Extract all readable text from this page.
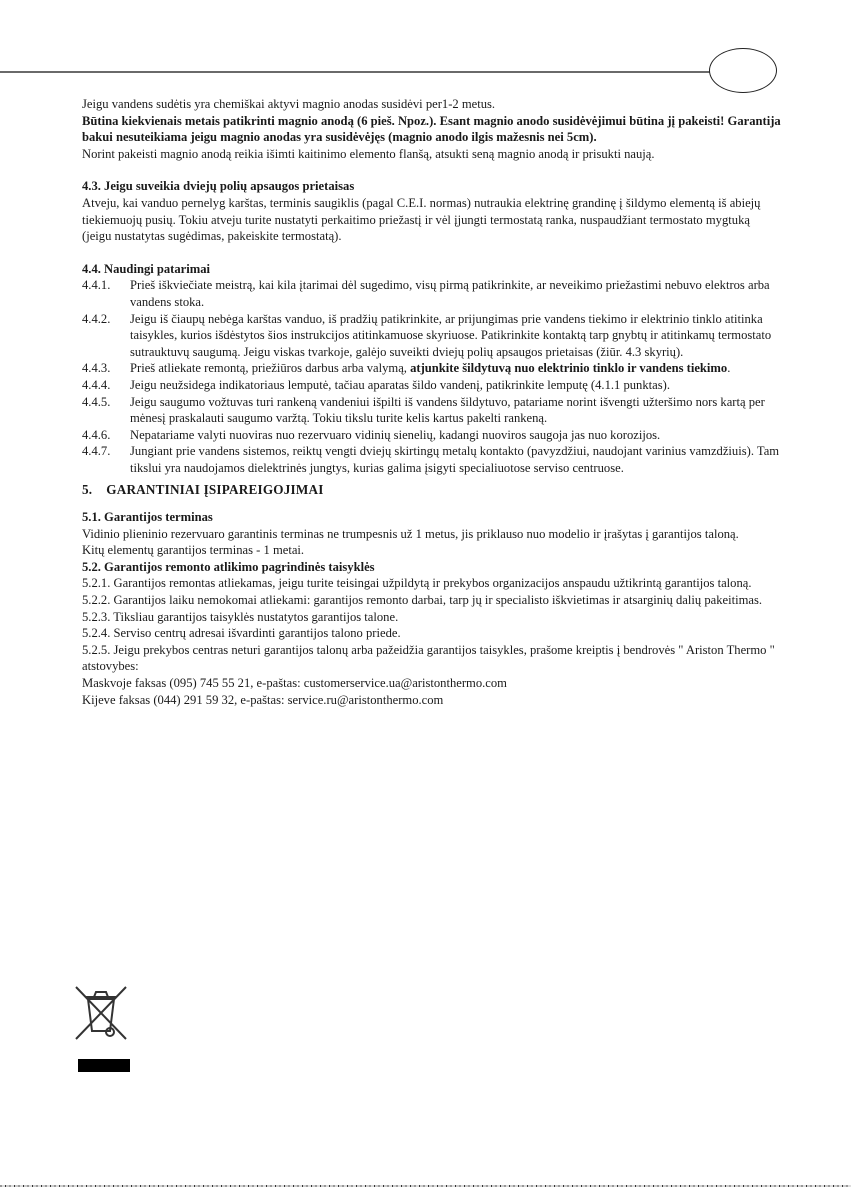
Jeigu vandens sudėtis yra chemiškai aktyvi magnio anodas susidėvi per1-2 metus.

Būtina kiekvienais metais patikrinti magnio anodą (6 pieš. Npoz.). Esant magnio anodo susidėvėjimui būtina jį pakeisti! Garantija bakui nesuteikiama jeigu magnio anodas yra susidėvėjęs (magnio anodo ilgis mažesnis nei 5cm).

Norint pakeisti magnio anodą reikia išimti kaitinimo elemento flanšą, atsukti seną magnio anodą ir prisukti naują.

4.3. Jeigu suveikia dviejų polių apsaugos prietaisas

Atveju, kai vanduo pernelyg karštas, terminis saugiklis (pagal C.E.I. normas) nutraukia elektrinę grandinę į šildymo elementą iš abiejų tiekiemuojų pusių. Tokiu atveju turite nustatyti perkaitimo priežastį ir vėl įjungti termostatą ranka, nuspaudžiant termostato mygtuką (jeigu nustatytas sugėdimas, pakeiskite termostatą).

4.4. Naudingi patarimai

4.4.1.	Prieš iškviečiate meistrą, kai kila įtarimai dėl sugedimo, visų pirmą patikrinkite, ar neveikimo priežastimi nebuvo elektros arba vandens stoka.
4.4.2.	Jeigu iš čiaupų nebėga karštas vanduo, iš pradžių patikrinkite, ar prijungimas prie vandens tiekimo ir elektrinio tinklo atitinka taisykles, kurios išdėstytos šios instrukcijos atitinkamuose skyriuose. Patikrinkite kontaktą tarp gnybtų ir atitinkamų termostato sutrauktuvų saugumą. Jeigu viskas tvarkoje, galėjo suveikti dviejų polių apsaugos prietaisas (žiūr. 4.3 skyrių).
4.4.3.	Prieš atliekate remontą, priežiūros darbus arba valymą, atjunkite šildytuvą nuo elektrinio tinklo ir vandens tiekimo.
4.4.4.	Jeigu neužsidega indikatoriaus lemputė, tačiau aparatas šildo vandenį, patikrinkite lemputę (4.1.1 punktas).
4.4.5.	Jeigu saugumo vožtuvas turi rankeną vandeniui išpilti iš vandens šildytuvo, patariame norint išvengti užteršimo nors kartą per mėnesį praskalauti saugumo varžtą. Tokiu tikslu turite kelis kartus pakelti rankeną.
4.4.6.	Nepatariame valyti nuoviras nuo rezervuaro vidinių sienelių, kadangi nuoviros saugoja jas nuo korozijos.
4.4.7.	Jungiant prie vandens sistemos, reiktų vengti dviejų skirtingų metalų kontakto (pavyzdžiui, naudojant varinius vamzdžiuis). Tam tikslui yra naudojamos dielektrinės jungtys, kurias galima įsigyti specialiuotose serviso centruose.

5.    GARANTINIAI ĮSIPAREIGOJIMAI

5.1. Garantijos terminas

Vidinio plieninio rezervuaro garantinis terminas ne trumpesnis už 1 metus, jis priklauso nuo modelio ir įrašytas į garantijos taloną.

Kitų elementų garantijos terminas - 1 metai.

5.2. Garantijos remonto atlikimo pagrindinės taisyklės

5.2.1. Garantijos remontas atliekamas, jeigu turite teisingai užpildytą ir prekybos organizacijos anspaudu užtikrintą garantijos taloną.

5.2.2. Garantijos laiku nemokomai atliekami: garantijos remonto darbai, tarp jų ir specialisto iškvietimas ir atsarginių dalių pakeitimas.

5.2.3. Tiksliau garantijos taisyklės nustatytos garantijos talone.

5.2.4. Serviso centrų adresai išvardinti garantijos talono priede.

5.2.5. Jeigu prekybos centras neturi garantijos talonų arba pažeidžia garantijos taisykles, prašome kreiptis į bendrovės " Ariston Thermo " atstovybes:

Maskvoje faksas (095) 745 55 21, e-paštas: customerservice.ua@aristonthermo.com

Kijeve faksas (044) 291 59 32, e-paštas: service.ru@aristonthermo.com
